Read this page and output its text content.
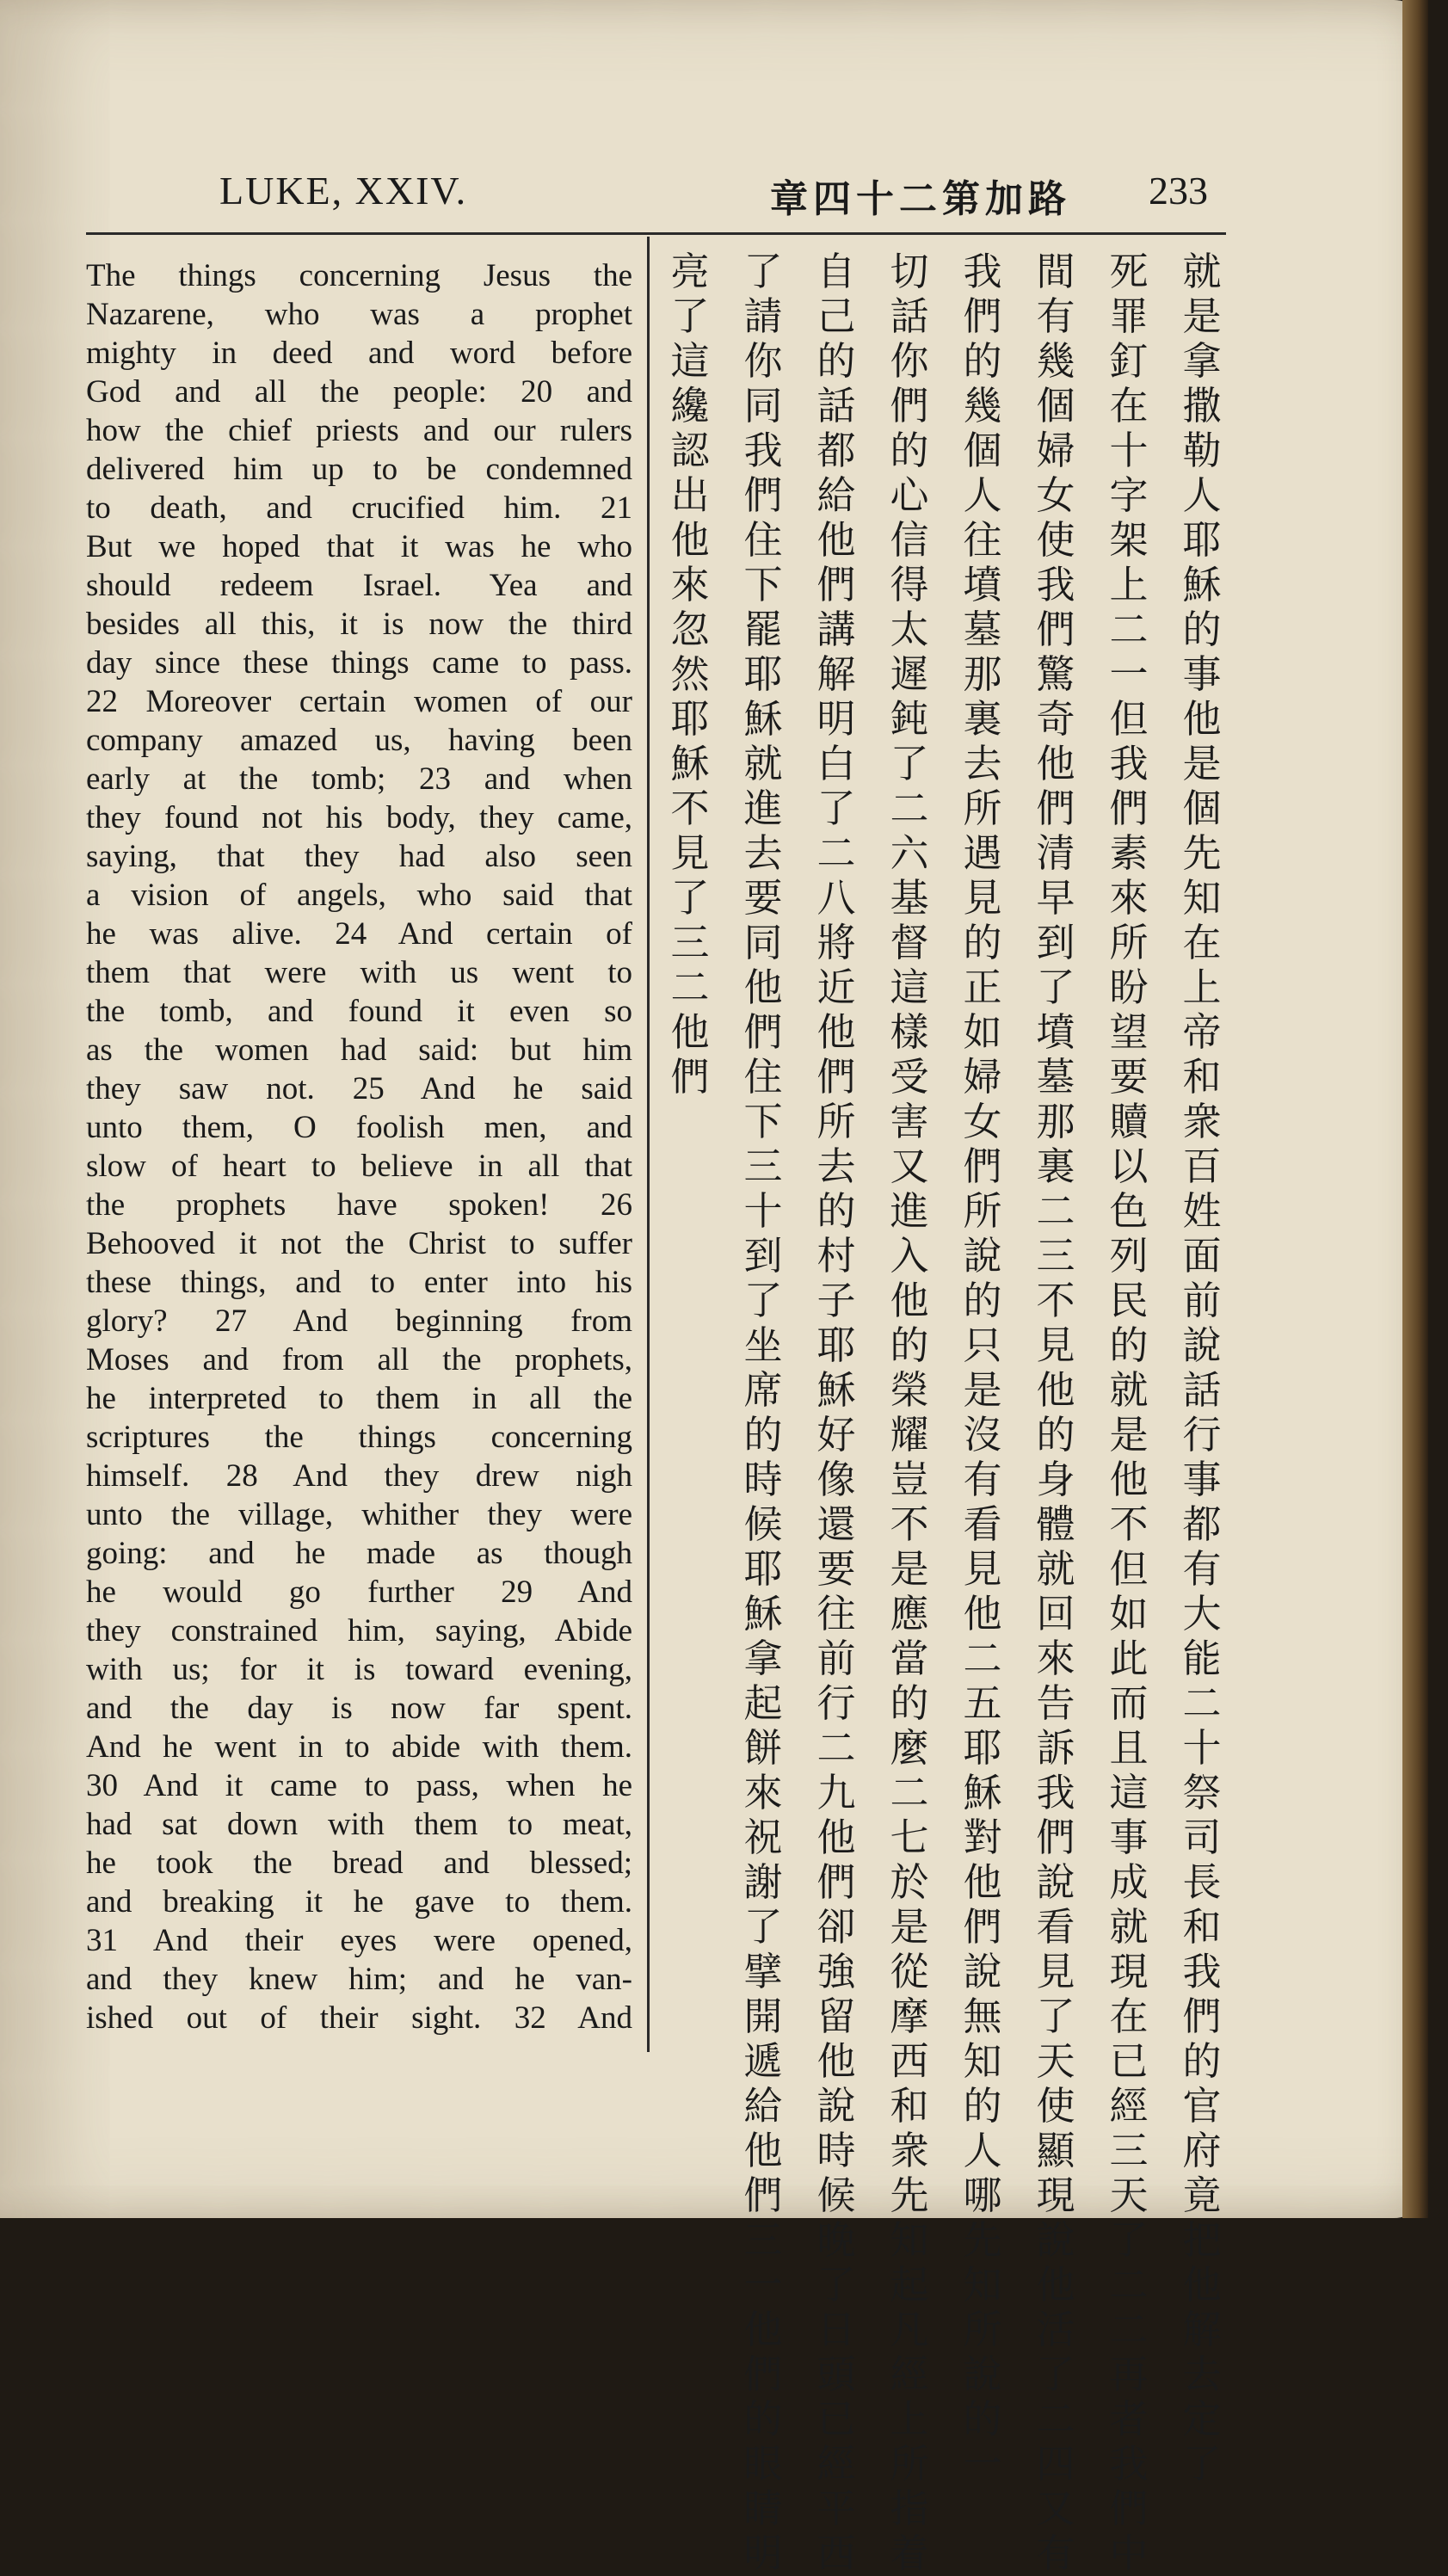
LUKE, XXIV.	章四十二第加路 233
The things concerning Jesus the
Nazarene, who was a prophet
mighty in deed and word before
God and all the people: 20 and
how the chief priests and our rulers
delivered him up to be condemned
to death, and crucified him. 21
But we hoped that it was he who
should redeem Israel. Yea and
besides all this, it is now the third
day since these things came to pass.
22 Moreover certain women of our
company amazed us, having been
early at the tomb; 23 and when
they found not his body, they came,
saying, that they had also seen
a vision of angels, who said that
he was alive. 24 And certain of
them that were with us went to
the tomb, and found it even so
as the women had said: but him
they saw not. 25 And he said
unto them, O foolish men, and
slow of heart to believe in all that
the prophets have spoken! 26
Behooved it not the Christ to suffer
these things, and to enter into his
glory? 27 And beginning from
Moses and from all the prophets,
he interpreted to them in all the
scriptures the things concerning
himself. 28 And they drew nigh
unto the village, whither they were
going: and he made as though
he would go further 29 And
they constrained him, saying, Abide
with us; for it is toward evening,
and the day is now far spent.
And he went in to abide with them.
30 And it came to pass, when he
had sat down with them to meat,
he took the bread and blessed;
and breaking it he gave to them.
31 And their eyes were opened,
and they knew him; and he van-
ished out of their sight. 32 And
就是拿撒勒人耶穌的事他是個先知在上帝和衆百姓面前說話行事都有大能二十祭司長和我們的官府竟把他解去定了
死罪釘在十字架上二一但我們素來所盼望要贖以色列民的就是他不但如此而且這事成就現在已經三天了二二再者我們中
間有幾個婦女使我們驚奇他們清早到了墳墓那裏二三不見他的身體就回來告訴我們說看見了天使顯現說他活了二四又有
我們的幾個人往墳墓那裏去所遇見的正如婦女們所說的只是沒有看見他二五耶穌對他們說無知的人哪先知所說的一
切話你們的心信得太遲鈍了二六基督這樣受害又進入他的榮耀豈不是應當的麼二七於是從摩西和衆先知起凡經上所指着
自己的話都給他們講解明白了二八將近他們所去的村子耶穌好像還要往前行二九他們卻強留他說時候晚了日頭已經平西
了請你同我們住下罷耶穌就進去要同他們住下三十到了坐席的時候耶穌拿起餅來祝謝了擘開遞給他們三一他們的眼睛明
亮了這纔認出他來忽然耶穌不見了三二他們
